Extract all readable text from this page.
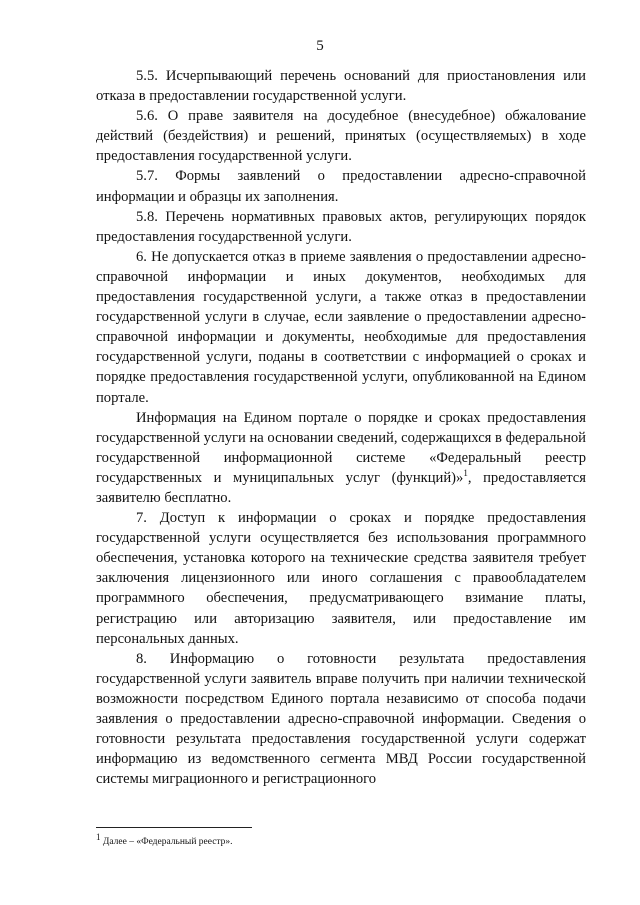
5

5.5. Исчерпывающий перечень оснований для приостановления или отказа в предоставлении государственной услуги.

5.6. О праве заявителя на досудебное (внесудебное) обжалование действий (бездействия) и решений, принятых (осуществляемых) в ходе предоставления государственной услуги.

5.7. Формы заявлений о предоставлении адресно-справочной информации и образцы их заполнения.

5.8. Перечень нормативных правовых актов, регулирующих порядок предоставления государственной услуги.

6. Не допускается отказ в приеме заявления о предоставлении адресно-справочной информации и иных документов, необходимых для предоставления государственной услуги, а также отказ в предоставлении государственной услуги в случае, если заявление о предоставлении адресно-справочной информации и документы, необходимые для предоставления государственной услуги, поданы в соответствии с информацией о сроках и порядке предоставления государственной услуги, опубликованной на Едином портале.

Информация на Едином портале о порядке и сроках предоставления государственной услуги на основании сведений, содержащихся в федеральной государственной информационной системе «Федеральный реестр государственных и муниципальных услуг (функций)»$^1$, предоставляется заявителю бесплатно.

7. Доступ к информации о сроках и порядке предоставления государственной услуги осуществляется без использования программного обеспечения, установка которого на технические средства заявителя требует заключения лицензионного или иного соглашения с правообладателем программного обеспечения, предусматривающего взимание платы, регистрацию или авторизацию заявителя, или предоставление им персональных данных.

8. Информацию о готовности результата предоставления государственной услуги заявитель вправе получить при наличии технической возможности посредством Единого портала независимо от способа подачи заявления о предоставлении адресно-справочной информации. Сведения о готовности результата предоставления государственной услуги содержат информацию из ведомственного сегмента МВД России государственной системы миграционного и регистрационного

$^1$ Далее – «Федеральный реестр».
